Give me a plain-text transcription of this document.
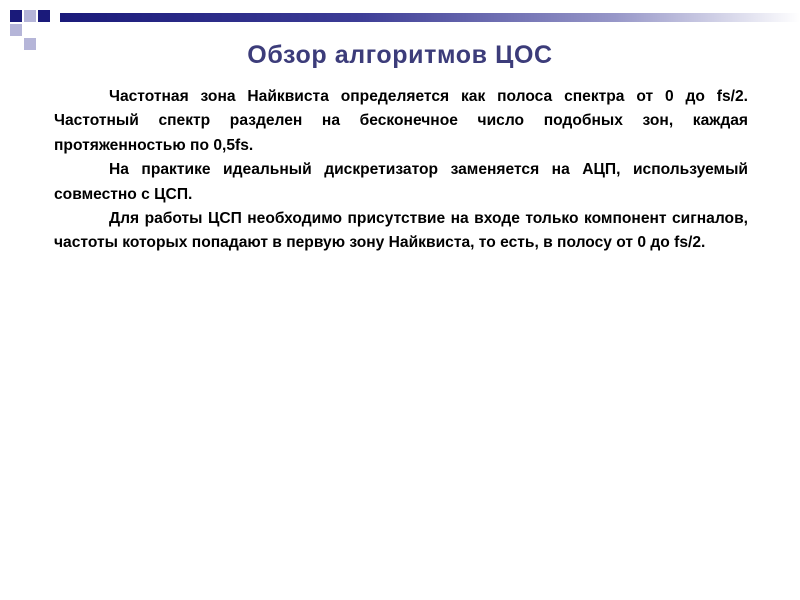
Обзор алгоритмов ЦОС

Частотная зона Найквиста определяется как полоса спектра от 0 до fs/2. Частотный спектр разделен на бесконечное число подобных зон, каждая протяженностью по 0,5fs.

На практике идеальный дискретизатор заменяется на АЦП, используемый совместно с ЦСП.

Для работы ЦСП необходимо присутствие на входе только компонент сигналов, частоты которых попадают в первую зону Найквиста, то есть, в полосу от 0 до fs/2.
